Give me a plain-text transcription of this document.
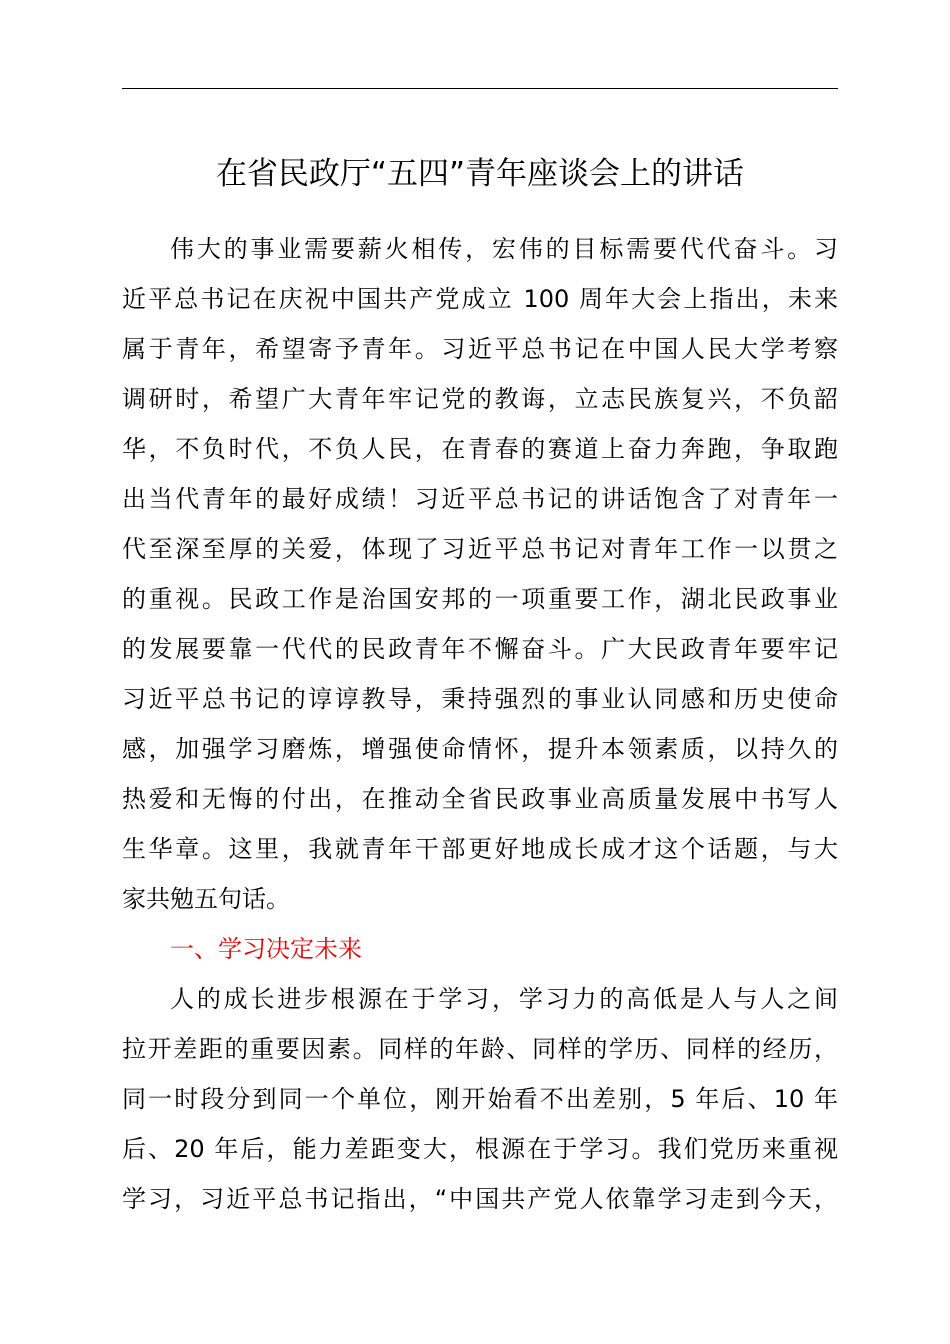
在省民政厅“五四”青年座谈会上的讲话
伟大的事业需要薪火相传，宏伟的目标需要代代奋斗。习
近平总书记在庆祝中国共产党成立 100 周年大会上指出，未来
属于青年，希望寄予青年。习近平总书记在中国人民大学考察
调研时，希望广大青年牢记党的教诲，立志民族复兴，不负韶
华，不负时代，不负人民，在青春的赛道上奋力奔跑，争取跑
出当代青年的最好成绩！习近平总书记的讲话饱含了对青年一
代至深至厚的关爱，体现了习近平总书记对青年工作一以贯之
的重视。民政工作是治国安邦的一项重要工作，湖北民政事业
的发展要靠一代代的民政青年不懈奋斗。广大民政青年要牢记
习近平总书记的谆谆教导，秉持强烈的事业认同感和历史使命
感，加强学习磨炼，增强使命情怀，提升本领素质，以持久的
热爱和无悔的付出，在推动全省民政事业高质量发展中书写人
生华章。这里，我就青年干部更好地成长成才这个话题，与大
家共勉五句话。
一、学习决定未来
人的成长进步根源在于学习，学习力的高低是人与人之间
拉开差距的重要因素。同样的年龄、同样的学历、同样的经历，
同一时段分到同一个单位，刚开始看不出差别，5 年后、10 年
后、20 年后，能力差距变大，根源在于学习。我们党历来重视
学习，习近平总书记指出，“中国共产党人依靠学习走到今天，
